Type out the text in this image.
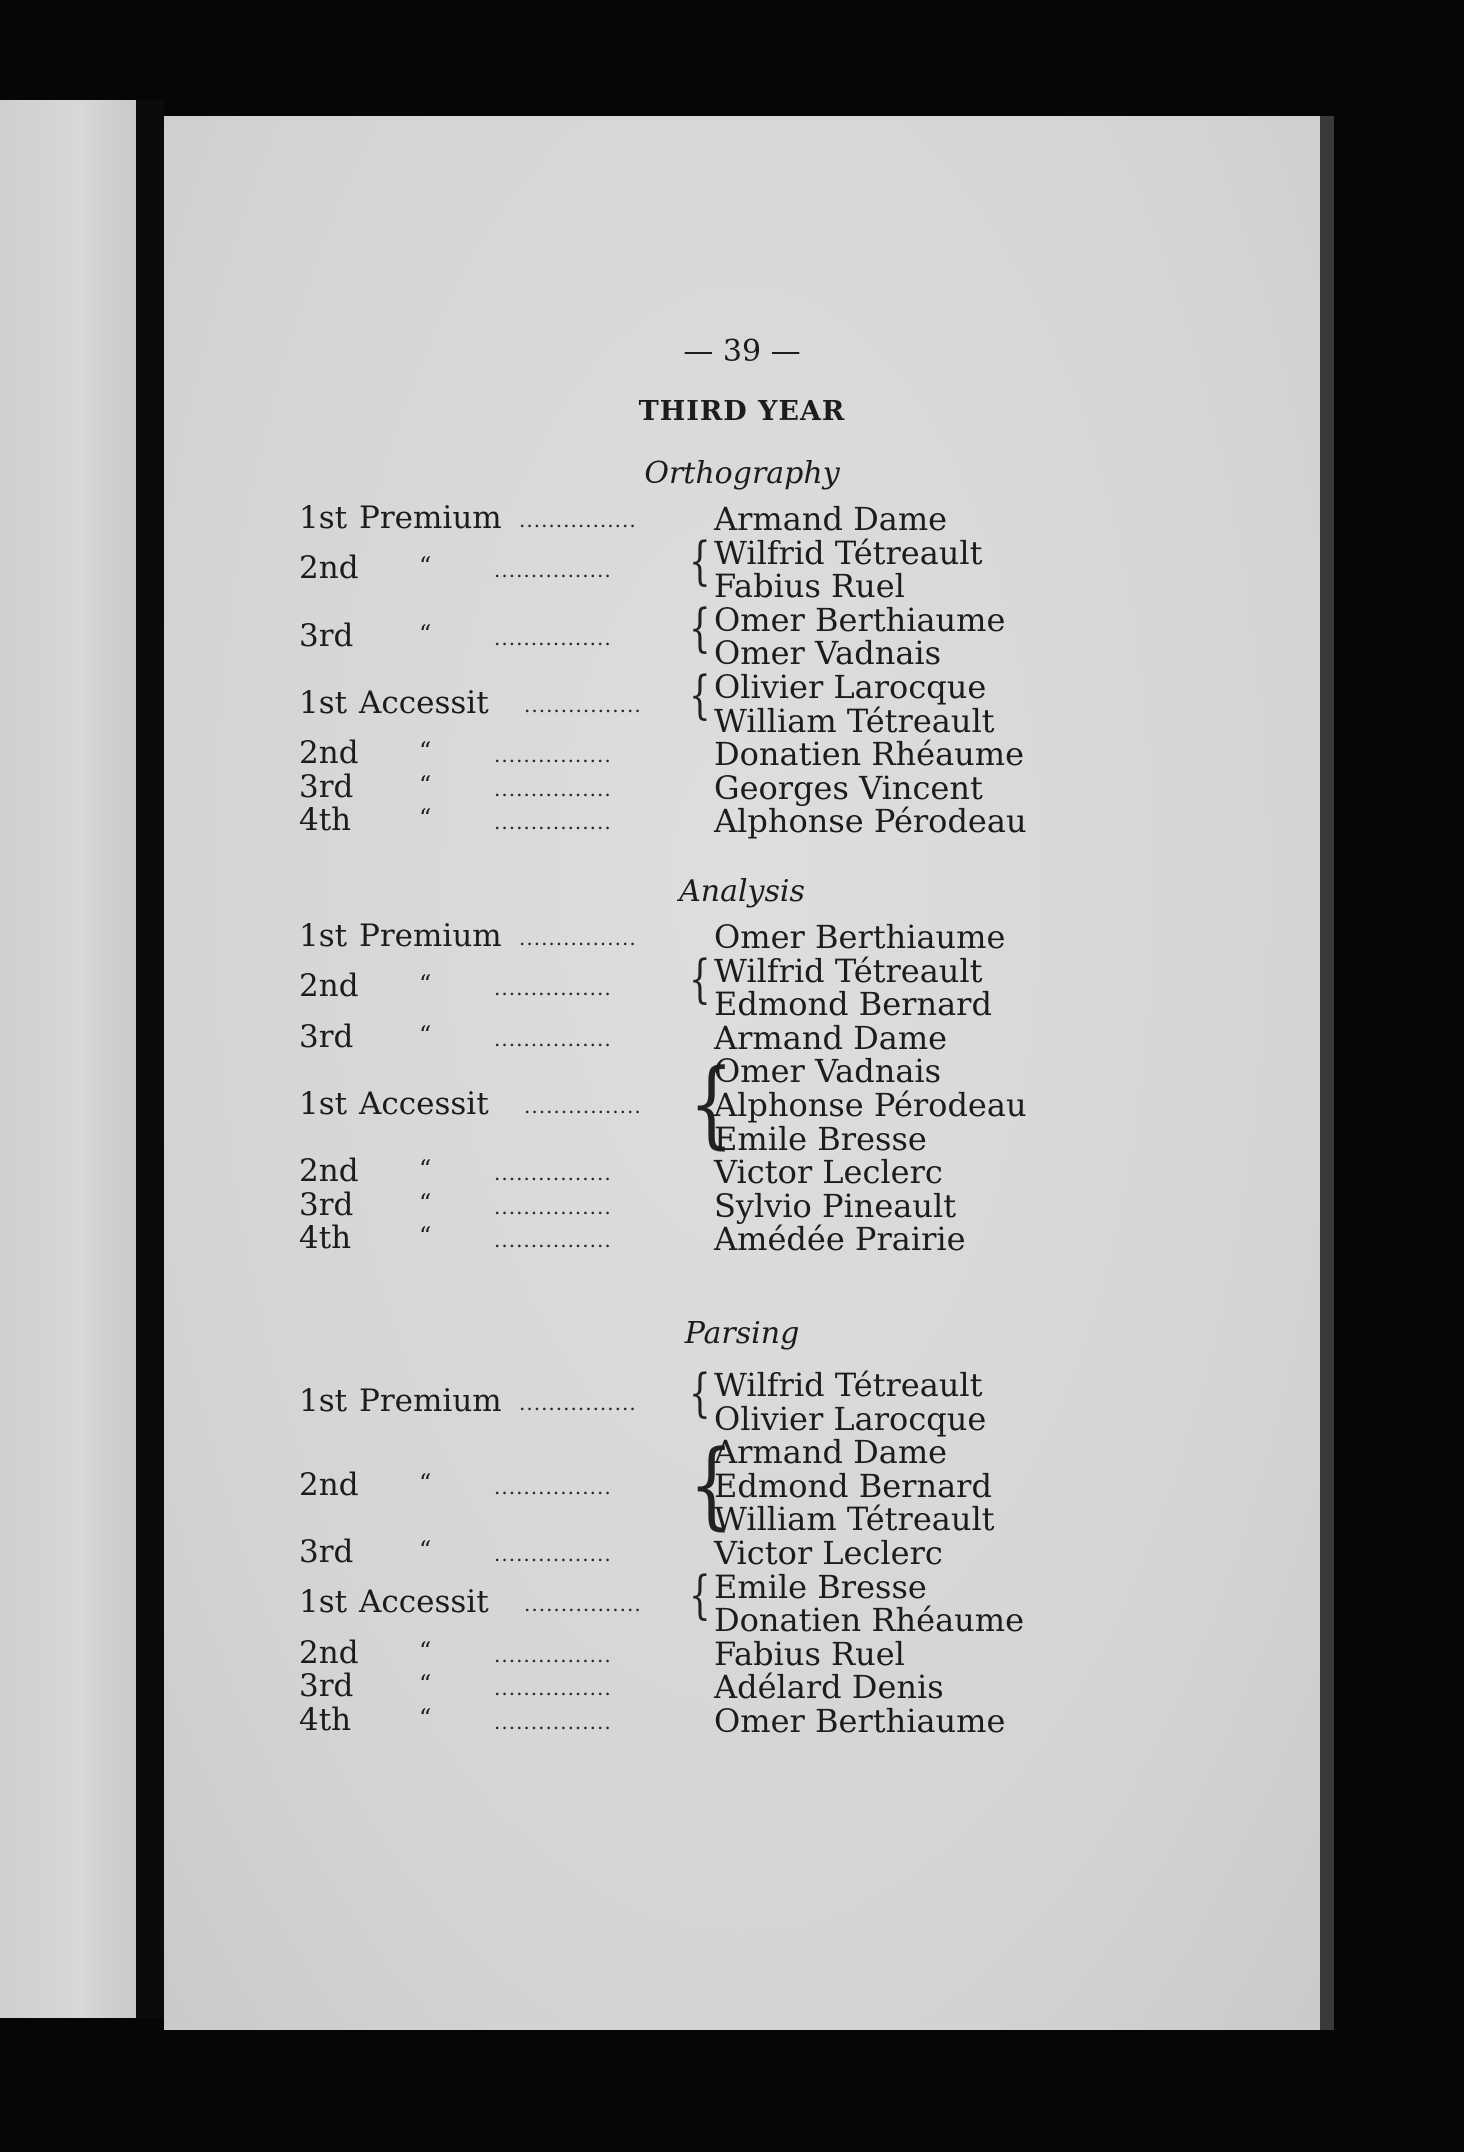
— 39 —
THIRD YEAR
Orthography
1st Premium ................ Armand Dame
2nd	“	................ { Wilfrid Tétreault
Fabius Ruel
3rd	“	................ { Omer Berthiaume
Omer Vadnais
1st Accessit ................ { Olivier Larocque
William Tétreault
2nd	“	................	Donatien Rhéaume
3rd	“	................	Georges Vincent
4th	“	................	Alphonse Pérodeau
Analysis
1st Premium ................ Omer Berthiaume
2nd	“	................ { Wilfrid Tétreault
Edmond Bernard
3rd	“	................	Armand Dame
1st Accessit ................ {
Omer Vadnais
Alphonse Pérodeau
Emile Bresse
2nd	“	................	Victor Leclerc
3rd	“	................	Sylvio Pineault
4th	“	................	Amédée Prairie
Parsing
1st Premium ................ { Wilfrid Tétreault
Olivier Larocque
2nd	“	................ {
Armand Dame
Edmond Bernard
William Tétreault
3rd	“	................	Victor Leclerc
1st Accessit ................ { Emile Bresse
Donatien Rhéaume
2nd	“	................	Fabius Ruel
3rd	“	................	Adélard Denis
4th	“	................	Omer Berthiaume
